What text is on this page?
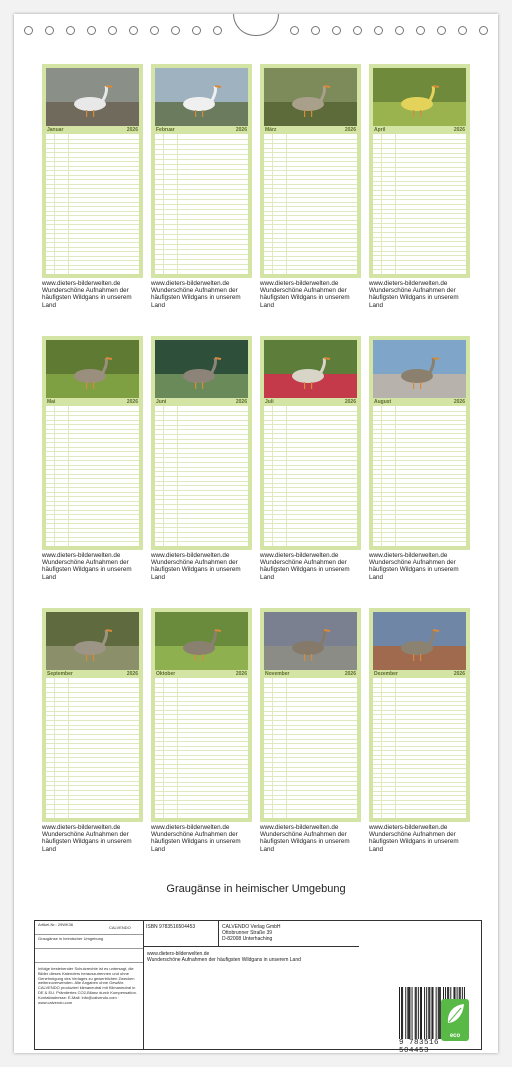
Januar	2026
www.dieters-bilderwelten.de Wunderschöne Aufnahmen der häufigsten Wildgans in unserem Land
Februar	2026
www.dieters-bilderwelten.de Wunderschöne Aufnahmen der häufigsten Wildgans in unserem Land
März	2026
www.dieters-bilderwelten.de Wunderschöne Aufnahmen der häufigsten Wildgans in unserem Land
April	2026
www.dieters-bilderwelten.de Wunderschöne Aufnahmen der häufigsten Wildgans in unserem Land
Mai	2026
www.dieters-bilderwelten.de Wunderschöne Aufnahmen der häufigsten Wildgans in unserem Land
Juni	2026
www.dieters-bilderwelten.de Wunderschöne Aufnahmen der häufigsten Wildgans in unserem Land
Juli	2026
www.dieters-bilderwelten.de Wunderschöne Aufnahmen der häufigsten Wildgans in unserem Land
August	2026
www.dieters-bilderwelten.de Wunderschöne Aufnahmen der häufigsten Wildgans in unserem Land
September	2026
www.dieters-bilderwelten.de Wunderschöne Aufnahmen der häufigsten Wildgans in unserem Land
Oktober	2026
www.dieters-bilderwelten.de Wunderschöne Aufnahmen der häufigsten Wildgans in unserem Land
November	2026
www.dieters-bilderwelten.de Wunderschöne Aufnahmen der häufigsten Wildgans in unserem Land
Dezember	2026
www.dieters-bilderwelten.de Wunderschöne Aufnahmen der häufigsten Wildgans in unserem Land
Graugänse in heimischer Umgebung
Artikel-Nr.: 29WK36
CALVENDO
Graugänse in heimischer Umgebung
Infolge bestehender Schutzrechte ist es untersagt, die Bilder dieses Kalenders herauszutrennen und ohne Genehmigung des Verlages zu gewerblichen Zwecken weiterzuverwenden. Alle Angaben ohne Gewähr. CALVENDO produziert klimaneutral mit Klimaneutral in DE & EU. Prämiiertes CO2-Bilanz durch Kompensation. Kontaktadresse: E-Mail: info@calvendo.com · www.calvendo.com
ISBN 9783516504453	CALVENDO Verlag GmbH
Ottobrunner Straße 39
D-82008 Unterhaching
www.dieters-bilderwelten.de
Wunderschöne Aufnahmen der häufigsten Wildgans in unserem Land
9 783516 504453
eco
